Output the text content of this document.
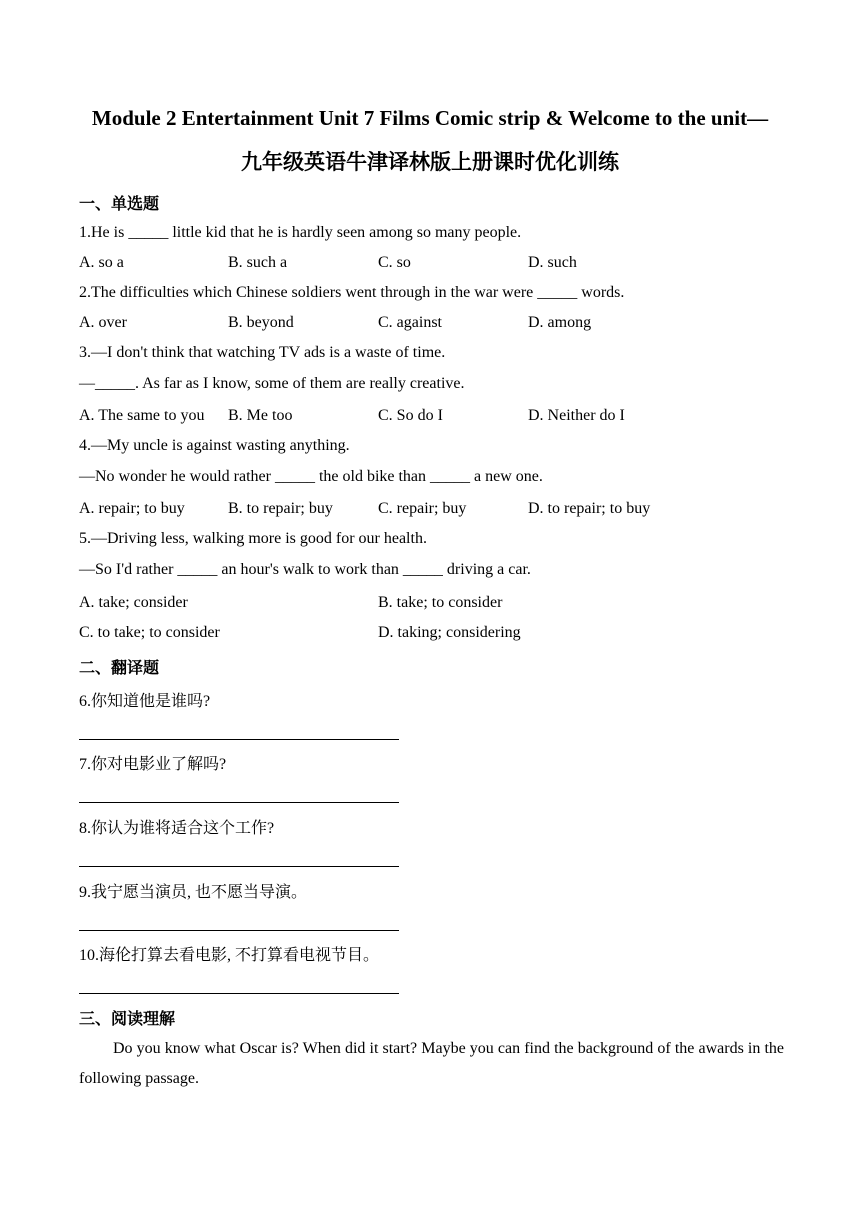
Module 2 Entertainment Unit 7 Films Comic strip & Welcome to the unit—
九年级英语牛津译林版上册课时优化训练
一、单选题
1.He is _____ little kid that he is hardly seen among so many people.
A. so a	B. such a	C. so	D. such
2.The difficulties which Chinese soldiers went through in the war were _____ words.
A. over	B. beyond	C. against	D. among
3.—I don't think that watching TV ads is a waste of time.
—_____. As far as I know, some of them are really creative.
A. The same to you B. Me too	C. So do I	D. Neither do I
4.—My uncle is against wasting anything.
—No wonder he would rather _____ the old bike than _____ a new one.
A. repair; to buy	B. to repair; buy	C. repair; buy	D. to repair; to buy
5.—Driving less, walking more is good for our health.
—So I'd rather _____ an hour's walk to work than _____ driving a car.
A. take; consider	B. take; to consider
C. to take; to consider	D. taking; considering
二、翻译题
6.你知道他是谁吗?
7.你对电影业了解吗?
8.你认为谁将适合这个工作?
9.我宁愿当演员, 也不愿当导演。
10.海伦打算去看电影, 不打算看电视节目。
三、阅读理解
Do you know what Oscar is? When did it start? Maybe you can find the background of the awards in the following passage.
